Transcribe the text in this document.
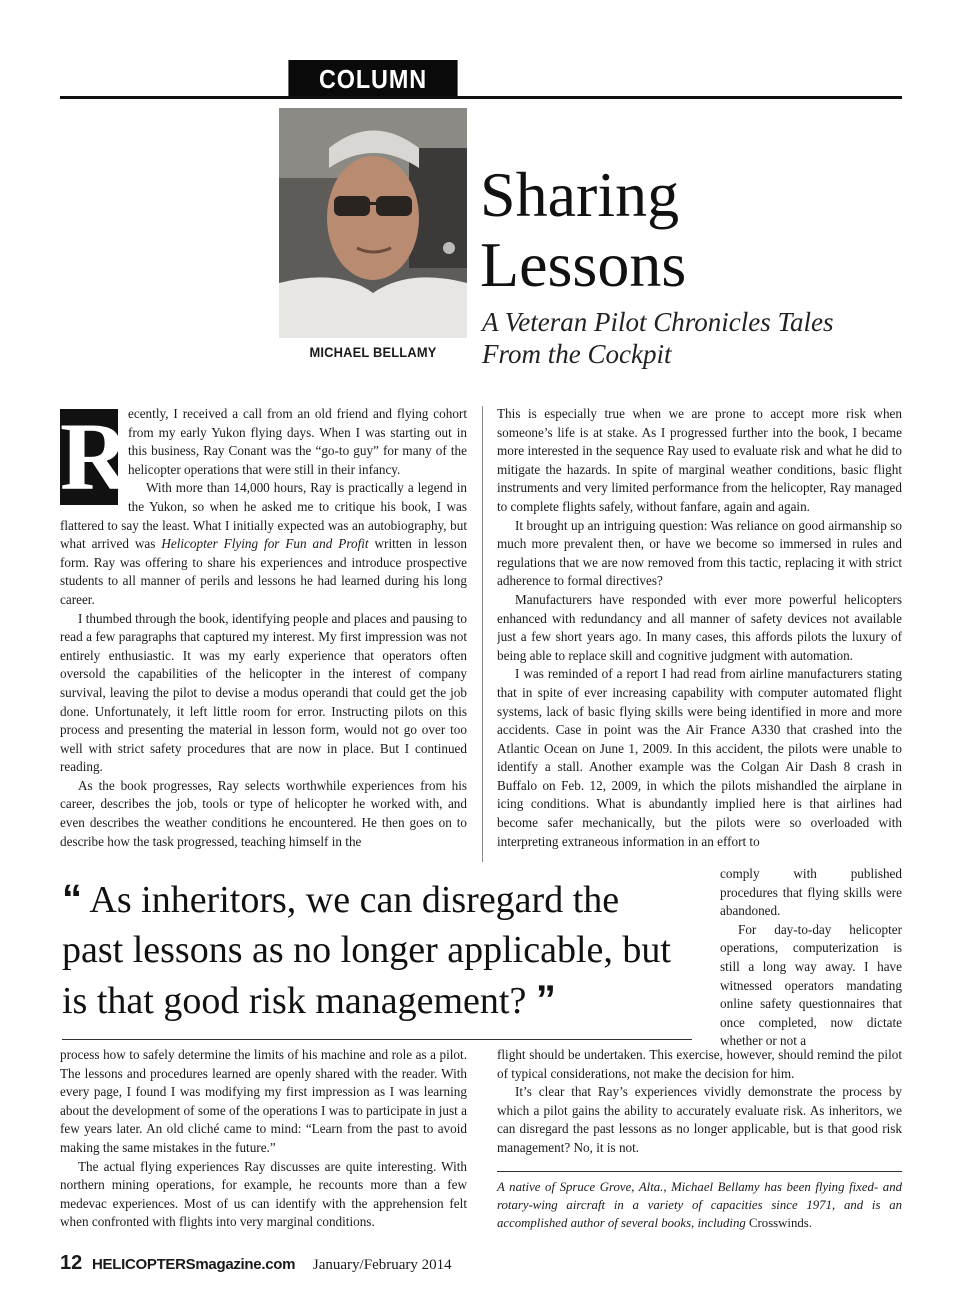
COLUMN
MICHAEL BELLAMY
Sharing
Lessons
A Veteran Pilot Chronicles Tales
From the Cockpit
R

ecently, I received a call from an old friend and flying cohort from my early Yukon flying days. When I was starting out in this business, Ray Conant was the “go-to guy” for many of the helicopter operations that were still in their infancy.

With more than 14,000 hours, Ray is practically a legend in the Yukon, so when he asked me to critique his book, I was flattered to say the least. What I initially expected was an autobiography, but what arrived was Helicopter Flying for Fun and Profit written in lesson form. Ray was offering to share his experiences and introduce prospective students to all manner of perils and lessons he had learned during his long career.

I thumbed through the book, identifying people and places and pausing to read a few paragraphs that captured my interest. My first impression was not entirely enthusiastic. It was my early experience that operators often oversold the capabilities of the helicopter in the interest of company survival, leaving the pilot to devise a modus operandi that could get the job done. Unfortunately, it left little room for error. Instructing pilots on this process and presenting the material in lesson form, would not go over too well with strict safety procedures that are now in place. But I continued reading.

As the book progresses, Ray selects worthwhile experiences from his career, describes the job, tools or type of helicopter he worked with, and even describes the weather conditions he encountered. He then goes on to describe how the task progressed, teaching himself in the

This is especially true when we are prone to accept more risk when someone’s life is at stake. As I progressed further into the book, I became more interested in the sequence Ray used to evaluate risk and what he did to mitigate the hazards. In spite of marginal weather conditions, basic flight instruments and very limited performance from the helicopter, Ray managed to complete flights safely, without fanfare, again and again.

It brought up an intriguing question: Was reliance on good airmanship so much more prevalent then, or have we become so immersed in rules and regulations that we are now removed from this tactic, replacing it with strict adherence to formal directives?

Manufacturers have responded with ever more powerful helicopters enhanced with redundancy and all manner of safety devices not available just a few short years ago. In many cases, this affords pilots the luxury of being able to replace skill and cognitive judgment with automation.

I was reminded of a report I had read from airline manufacturers stating that in spite of ever increasing capability with computer automated flight systems, lack of basic flying skills were being identified in more and more accidents. Case in point was the Air France A330 that crashed into the Atlantic Ocean on June 1, 2009. In this accident, the pilots were unable to identify a stall. Another example was the Colgan Air Dash 8 crash in Buffalo on Feb. 12, 2009, in which the pilots mishandled the airplane in icing conditions. What is abundantly implied here is that airlines had become safer mechanically, but the pilots were so overloaded with interpreting extraneous information in an effort to

“ As inheritors, we can disregard the past lessons as no longer applicable, but is that good risk management? ”

comply with published procedures that flying skills were abandoned.

For day-to-day helicopter operations, computerization is still a long way away. I have witnessed operators mandating online safety questionnaires that once completed, now dictate whether or not a

process how to safely determine the limits of his machine and role as a pilot. The lessons and procedures learned are openly shared with the reader. With every page, I found I was modifying my first impression as I was learning about the development of some of the operations I was to participate in just a few years later. An old cliché came to mind: “Learn from the past to avoid making the same mistakes in the future.”

The actual flying experiences Ray discusses are quite interesting. With northern mining operations, for example, he recounts more than a few medevac experiences. Most of us can identify with the apprehension felt when confronted with flights into very marginal conditions.

flight should be undertaken. This exercise, however, should remind the pilot of typical considerations, not make the decision for him.

It’s clear that Ray’s experiences vividly demonstrate the process by which a pilot gains the ability to accurately evaluate risk. As inheritors, we can disregard the past lessons as no longer applicable, but is that good risk management? No, it is not.

A native of Spruce Grove, Alta., Michael Bellamy has been flying fixed- and rotary-wing aircraft in a variety of capacities since 1971, and is an accomplished author of several books, including Crosswinds.
12 HELICOPTERSmagazine.com January/February 2014
